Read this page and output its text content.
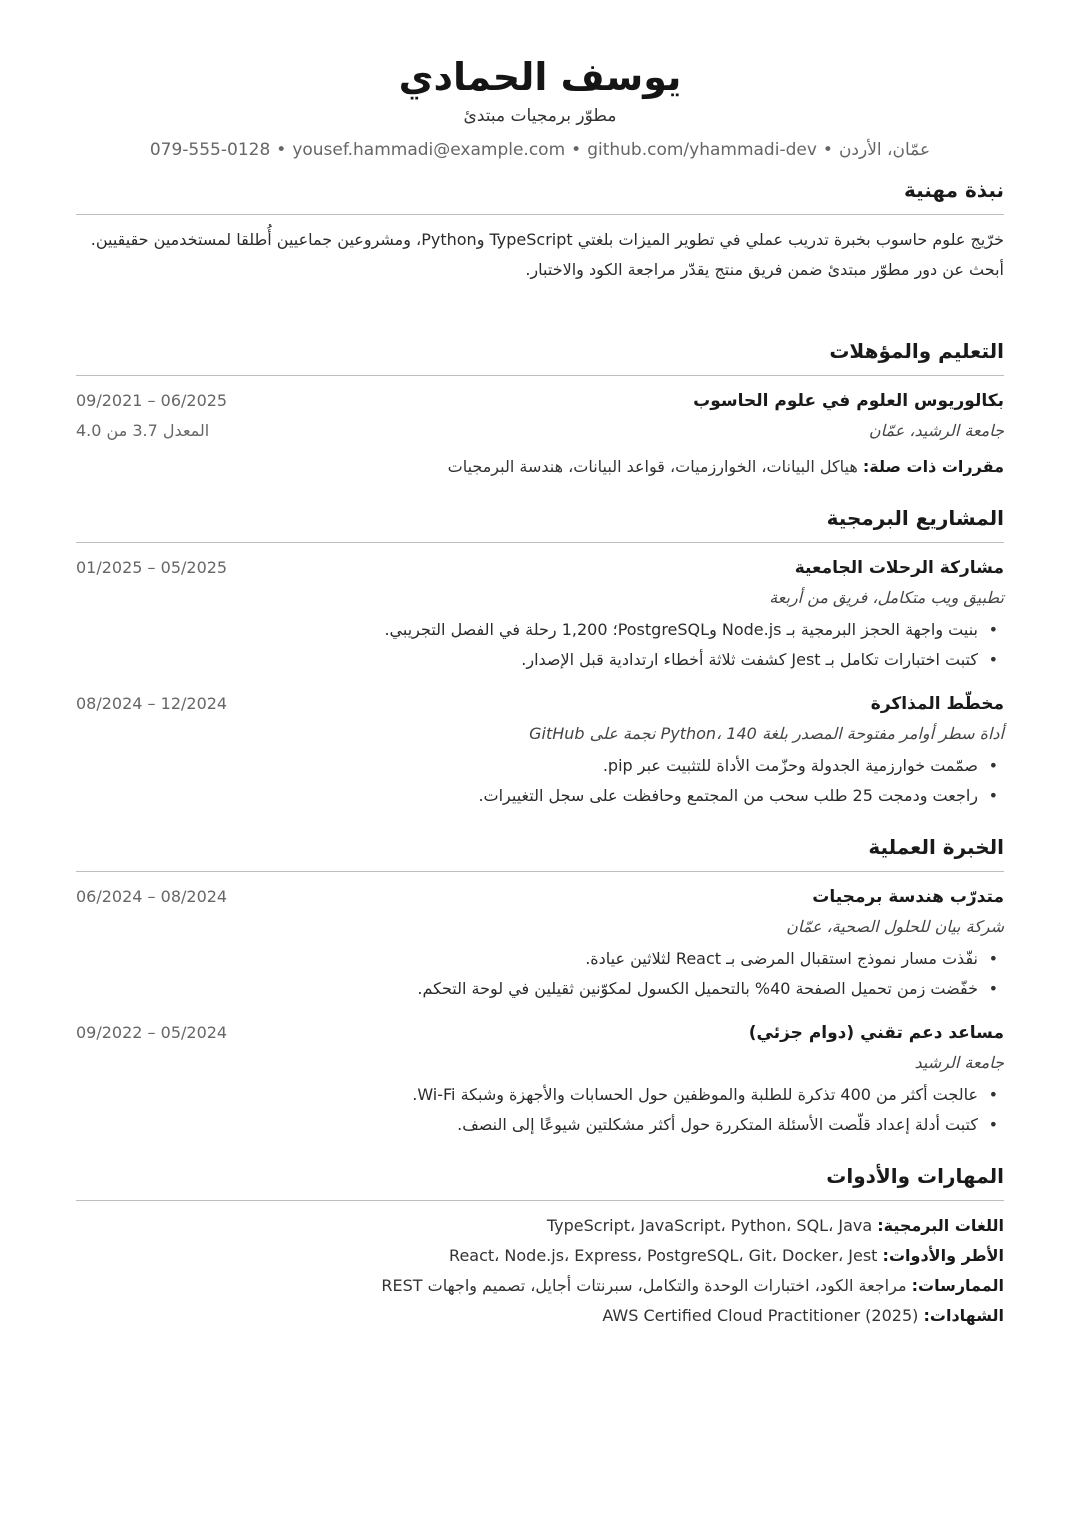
يوسف الحمادي
مطوّر برمجيات مبتدئ
عمّان، الأردن•github.com/yhammadi-dev•yousef.hammadi@example.com•079-555-0128
نبذة مهنية
خرّيج علوم حاسوب بخبرة تدريب عملي في تطوير الميزات بلغتي TypeScript وPython، ومشروعين جماعيين أُطلقا لمستخدمين حقيقيين.
أبحث عن دور مطوّر مبتدئ ضمن فريق منتج يقدّر مراجعة الكود والاختبار.
التعليم والمؤهلات
بكالوريوس العلوم في علوم الحاسوب
09/2021 – 06/2025
جامعة الرشيد، عمّان
المعدل 3.7 من 4.0
مقررات ذات صلة: هياكل البيانات، الخوارزميات، قواعد البيانات، هندسة البرمجيات
المشاريع البرمجية
مشاركة الرحلات الجامعية
01/2025 – 05/2025
تطبيق ويب متكامل، فريق من أربعة
• بنيت واجهة الحجز البرمجية بـ Node.js وPostgreSQL؛ 1,200 رحلة في الفصل التجريبي.
• كتبت اختبارات تكامل بـ Jest كشفت ثلاثة أخطاء ارتدادية قبل الإصدار.
مخطّط المذاكرة
08/2024 – 12/2024
أداة سطر أوامر مفتوحة المصدر بلغة Python، 140 نجمة على GitHub
• صمّمت خوارزمية الجدولة وحزّمت الأداة للتثبيت عبر pip.
• راجعت ودمجت 25 طلب سحب من المجتمع وحافظت على سجل التغييرات.
الخبرة العملية
متدرّب هندسة برمجيات
06/2024 – 08/2024
شركة بيان للحلول الصحية، عمّان
• نفّذت مسار نموذج استقبال المرضى بـ React لثلاثين عيادة.
• خفّضت زمن تحميل الصفحة 40% بالتحميل الكسول لمكوّنين ثقيلين في لوحة التحكم.
مساعد دعم تقني (دوام جزئي)
09/2022 – 05/2024
جامعة الرشيد
• عالجت أكثر من 400 تذكرة للطلبة والموظفين حول الحسابات والأجهزة وشبكة Wi-Fi.
• كتبت أدلة إعداد قلّصت الأسئلة المتكررة حول أكثر مشكلتين شيوعًا إلى النصف.
المهارات والأدوات
اللغات البرمجية: TypeScript، JavaScript، Python، SQL، Java
الأطر والأدوات: React، Node.js، Express، PostgreSQL، Git، Docker، Jest
الممارسات: مراجعة الكود، اختبارات الوحدة والتكامل، سبرنتات أجايل، تصميم واجهات REST
الشهادات: AWS Certified Cloud Practitioner (2025)
